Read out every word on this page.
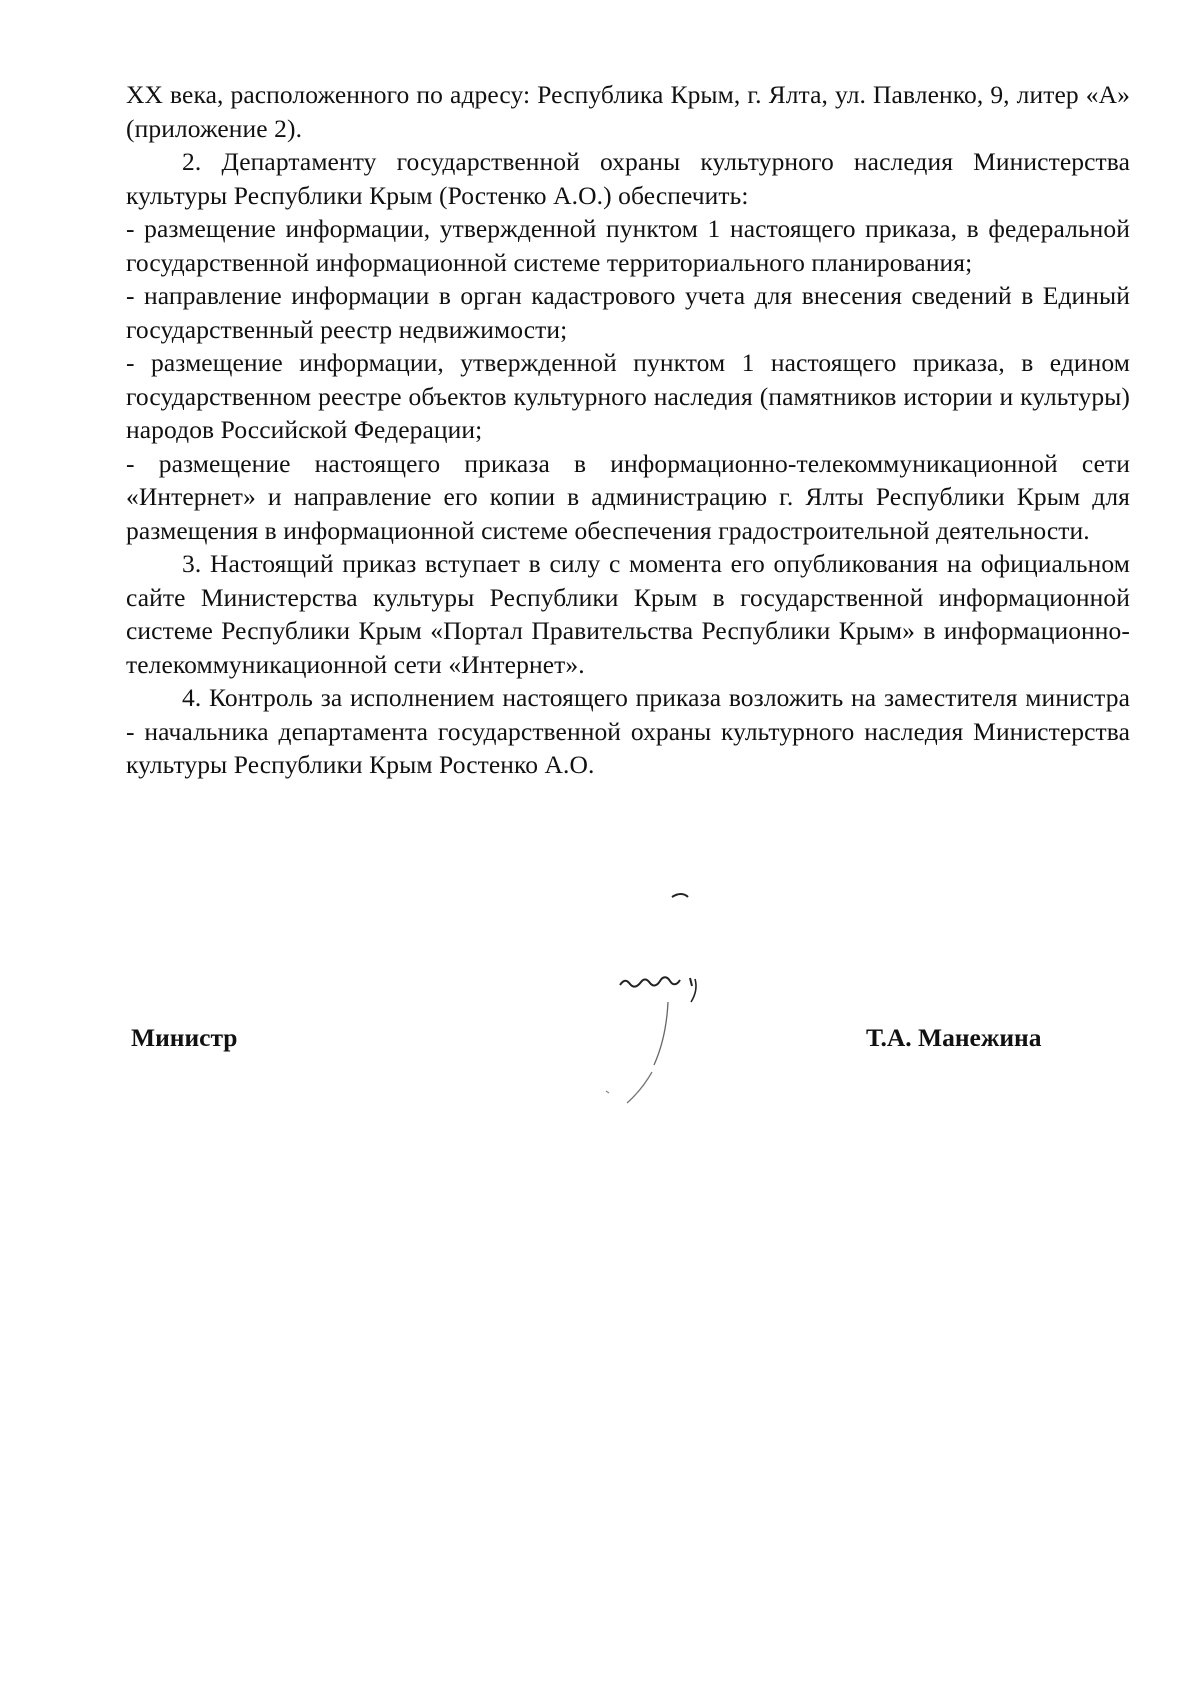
XX века, расположенного по адресу: Республика Крым, г. Ялта, ул. Павленко, 9, литер «А» (приложение 2).

2. Департаменту государственной охраны культурного наследия Министерства культуры Республики Крым (Ростенко А.О.) обеспечить:

- размещение информации, утвержденной пунктом 1 настоящего приказа, в федеральной государственной информационной системе территориального планирования;

- направление информации в орган кадастрового учета для внесения сведений в Единый государственный реестр недвижимости;

- размещение информации, утвержденной пунктом 1 настоящего приказа, в едином государственном реестре объектов культурного наследия (памятников истории и культуры) народов Российской Федерации;

- размещение настоящего приказа в информационно-телекоммуникационной сети «Интернет» и направление его копии в администрацию г. Ялты Республики Крым для размещения в информационной системе обеспечения градостроительной деятельности.

3. Настоящий приказ вступает в силу с момента его опубликования на официальном сайте Министерства культуры Республики Крым в государственной информационной системе Республики Крым «Портал Правительства Республики Крым» в информационно-телекоммуникационной сети «Интернет».

4. Контроль за исполнением настоящего приказа возложить на заместителя министра - начальника департамента государственной охраны культурного наследия Министерства культуры Республики Крым Ростенко А.О.

Министр	Т.А. Манежина
